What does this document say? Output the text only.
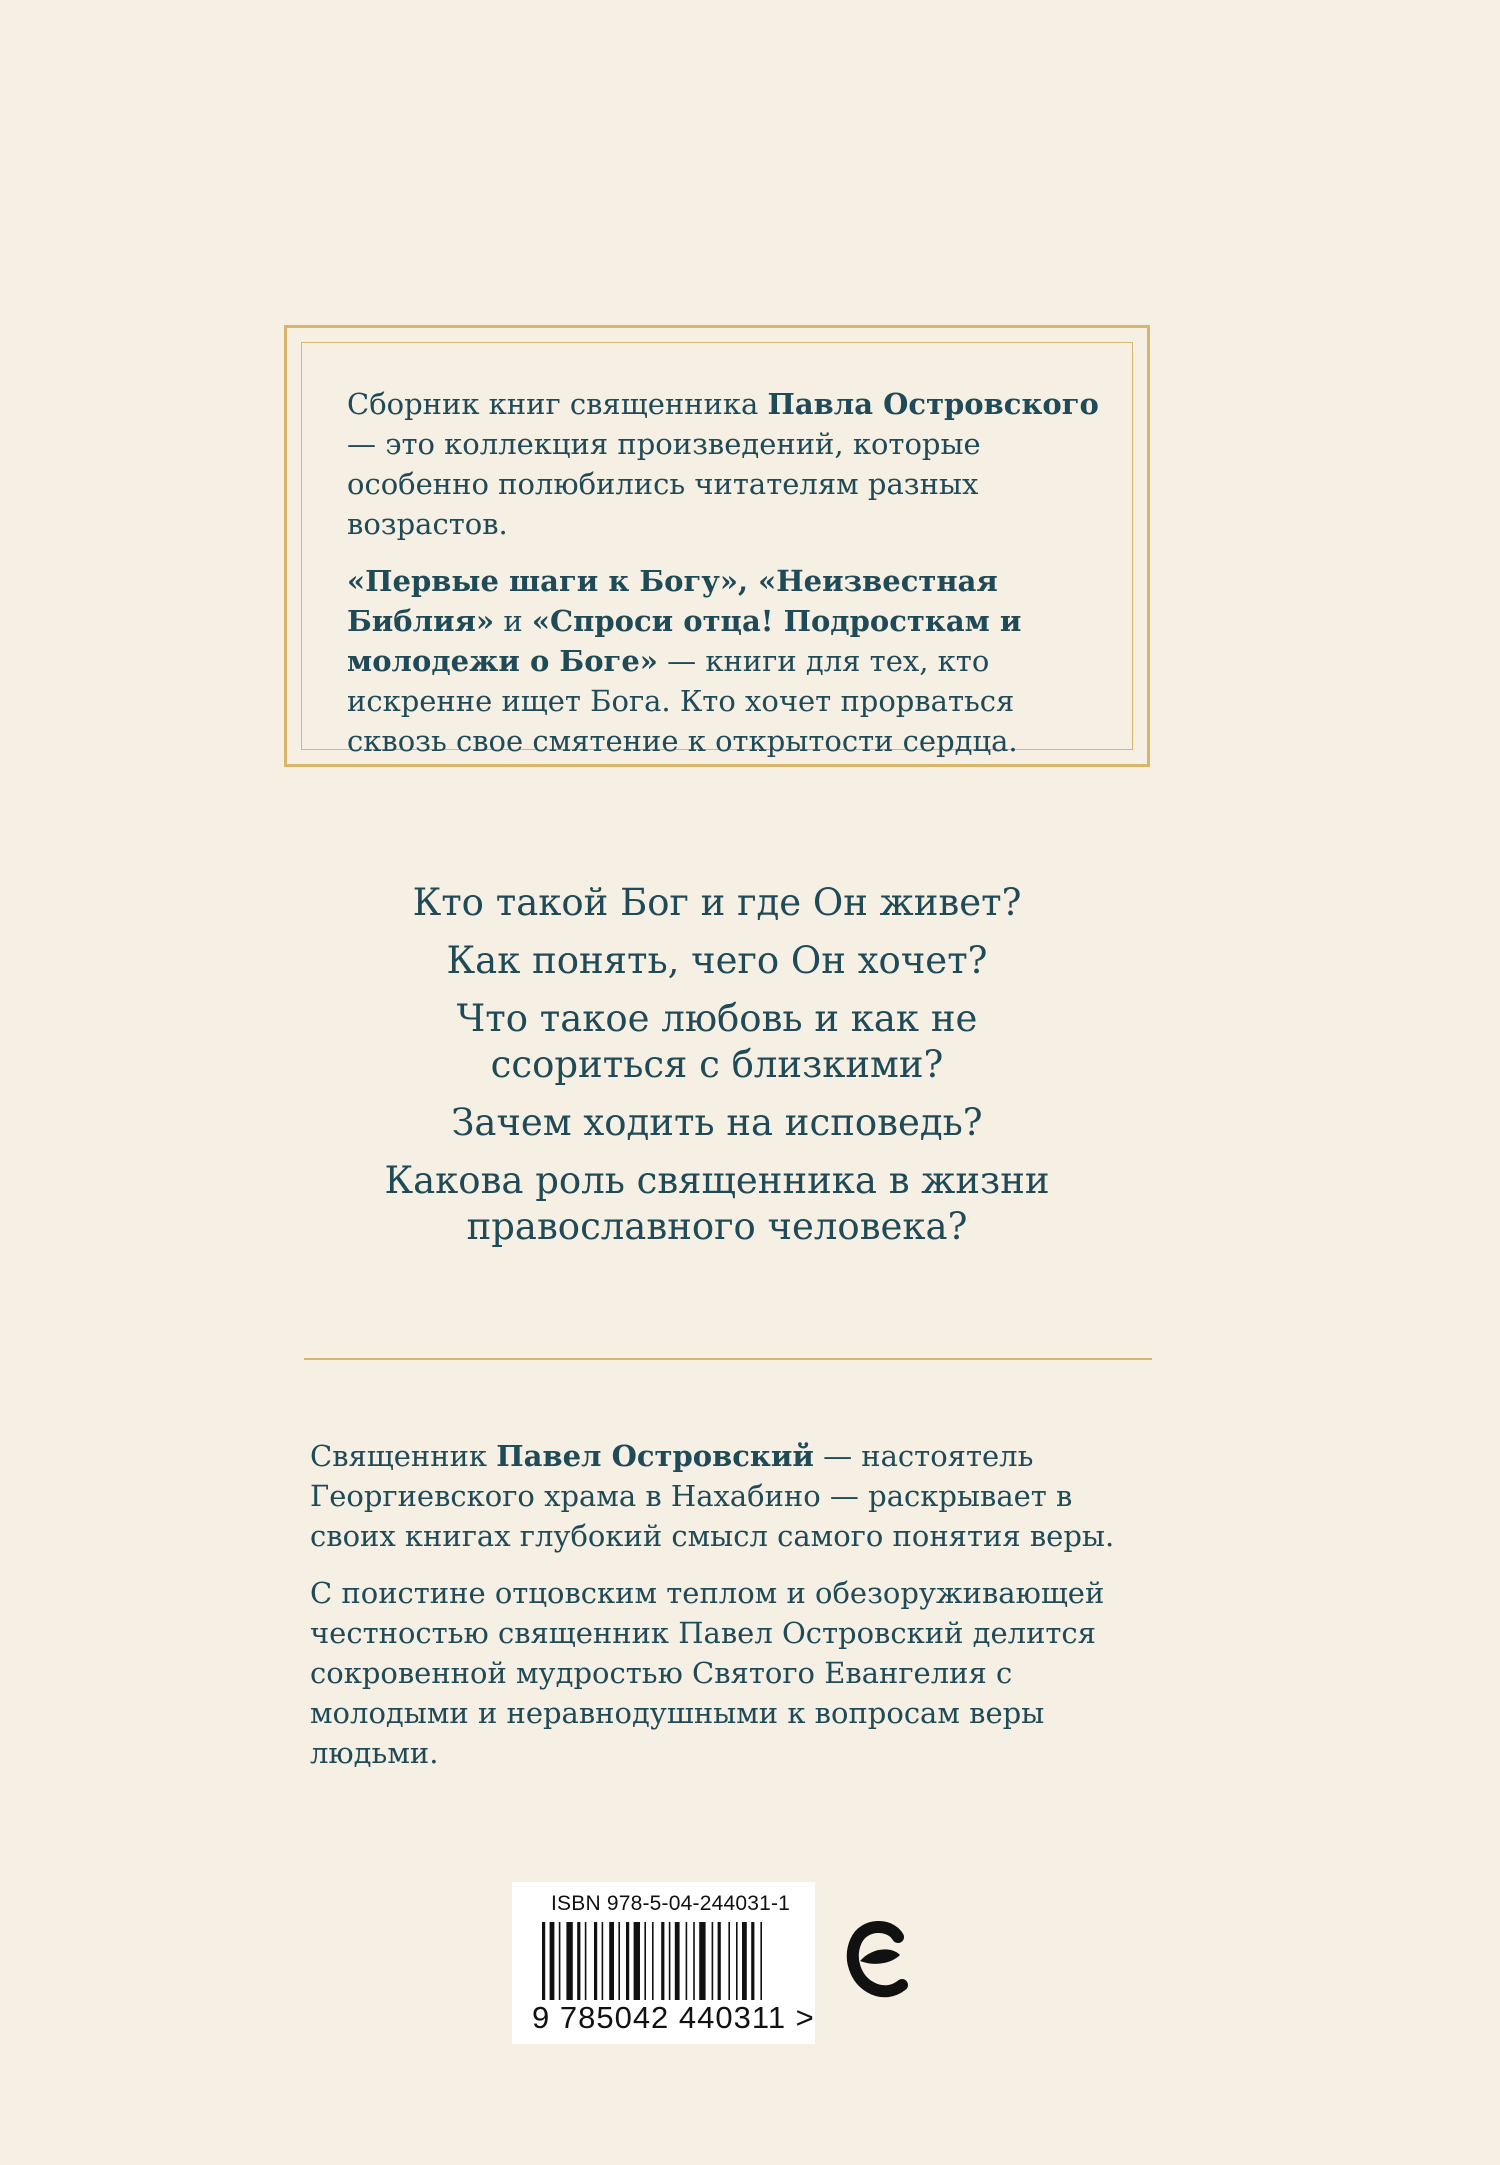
Сборник книг священника Павла Островского — это коллекция произведений, которые особенно полюбились читателям разных возрастов.

«Первые шаги к Богу», «Неизвестная Библия» и «Спроси отца! Подросткам и молодежи о Боге» — книги для тех, кто искренне ищет Бога. Кто хочет прорваться сквозь свое смятение к открытости сердца.

Кто такой Бог и где Он живет?

Как понять, чего Он хочет?

Что такое любовь и как не ссориться с близкими?

Зачем ходить на исповедь?

Какова роль священника в жизни православного человека?

Священник Павел Островский — настоятель Георгиевского храма в Нахабино — раскрывает в своих книгах глубокий смысл самого понятия веры.

С поистине отцовским теплом и обезоруживающей честностью священник Павел Островский делится сокровенной мудростью Святого Евангелия с молодыми и неравнодушными к вопросам веры людьми.

ISBN 978-5-04-244031-1
9 785042 440311 >
